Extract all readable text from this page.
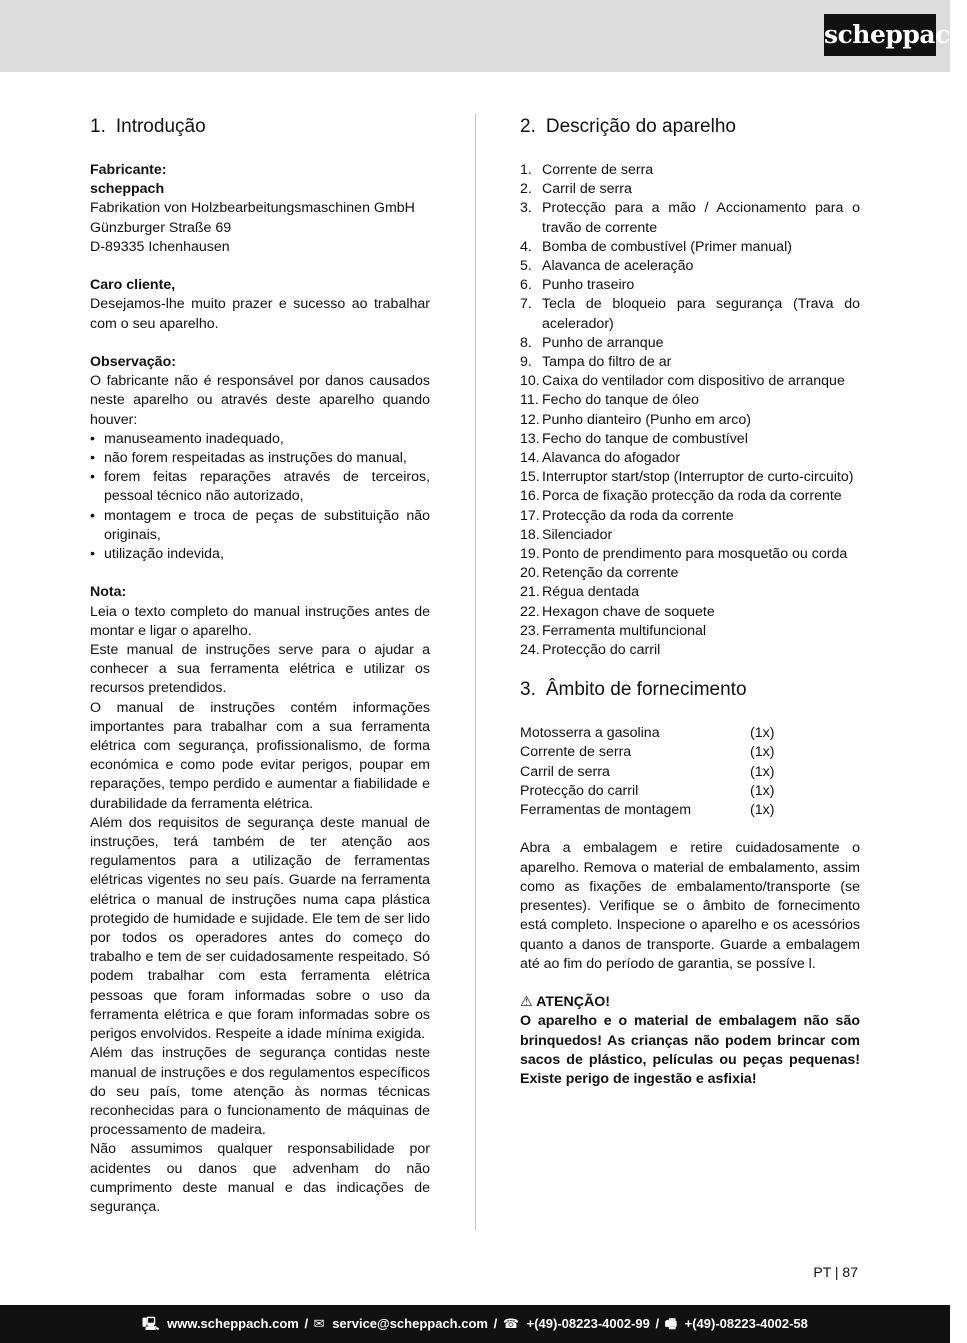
scheppach
1. Introdução

Fabricante:

scheppach

Fabrikation von Holzbearbeitungsmaschinen GmbH

Günzburger Straße 69

D-89335 Ichenhausen

Caro cliente,

Desejamos-lhe muito prazer e sucesso ao trabalhar com o seu aparelho.

Observação:

O fabricante não é responsável por danos causados neste aparelho ou através deste aparelho quando houver:

• manuseamento inadequado,
• não forem respeitadas as instruções do manual,
• forem feitas reparações através de terceiros, pessoal técnico não autorizado,
• montagem e troca de peças de substituição não originais,
• utilização indevida,

Nota:

Leia o texto completo do manual instruções antes de montar e ligar o aparelho.

Este manual de instruções serve para o ajudar a conhecer a sua ferramenta elétrica e utilizar os recursos pretendidos.

O manual de instruções contém informações importantes para trabalhar com a sua ferramenta elétrica com segurança, profissionalismo, de forma económica e como pode evitar perigos, poupar em reparações, tempo perdido e aumentar a fiabilidade e durabilidade da ferramenta elétrica.

Além dos requisitos de segurança deste manual de instruções, terá também de ter atenção aos regulamentos para a utilização de ferramentas elétricas vigentes no seu país. Guarde na ferramenta elétrica o manual de instruções numa capa plástica protegido de humidade e sujidade. Ele tem de ser lido por todos os operadores antes do começo do trabalho e tem de ser cuidadosamente respeitado. Só podem trabalhar com esta ferramenta elétrica pessoas que foram informadas sobre o uso da ferramenta elétrica e que foram informadas sobre os perigos envolvidos. Respeite a idade mínima exigida.

Além das instruções de segurança contidas neste manual de instruções e dos regulamentos específicos do seu país, tome atenção às normas técnicas reconhecidas para o funcionamento de máquinas de processamento de madeira.

Não assumimos qualquer responsabilidade por acidentes ou danos que advenham do não cumprimento deste manual e das indicações de segurança.

2. Descrição do aparelho
1. Corrente de serra
2. Carril de serra
3. Protecção para a mão / Accionamento para o travão de corrente
4. Bomba de combustível (Primer manual)
5. Alavanca de aceleração
6. Punho traseiro
7. Tecla de bloqueio para segurança (Trava do acelerador)
8. Punho de arranque
9. Tampa do filtro de ar
10. Caixa do ventilador com dispositivo de arranque
11. Fecho do tanque de óleo
12. Punho dianteiro (Punho em arco)
13. Fecho do tanque de combustível
14. Alavanca do afogador
15. Interruptor start/stop (Interruptor de curto-circuito)
16. Porca de fixação protecção da roda da corrente
17. Protecção da roda da corrente
18. Silenciador
19. Ponto de prendimento para mosquetão ou corda
20. Retenção da corrente
21. Régua dentada
22. Hexagon chave de soquete
23. Ferramenta multifuncional
24. Protecção do carril
3. Âmbito de fornecimento
Motosserra a gasolina	(1x)
Corrente de serra	(1x)
Carril de serra	(1x)
Protecção do carril	(1x)
Ferramentas de montagem	(1x)

Abra a embalagem e retire cuidadosamente o aparelho. Remova o material de embalamento, assim como as fixações de embalamento/transporte (se presentes). Verifique se o âmbito de fornecimento está completo. Inspecione o aparelho e os acessórios quanto a danos de transporte. Guarde a embalagem até ao fim do período de garantia, se possíve l.

⚠ ATENÇÃO!

O aparelho e o material de embalagem não são brinquedos! As crianças não podem brincar com sacos de plástico, películas ou peças pequenas! Existe perigo de ingestão e asfixia!

PT | 87
🖳 www.scheppach.com / ✉ service@scheppach.com / ☎ +(49)-08223-4002-99 / 🖷 +(49)-08223-4002-58
